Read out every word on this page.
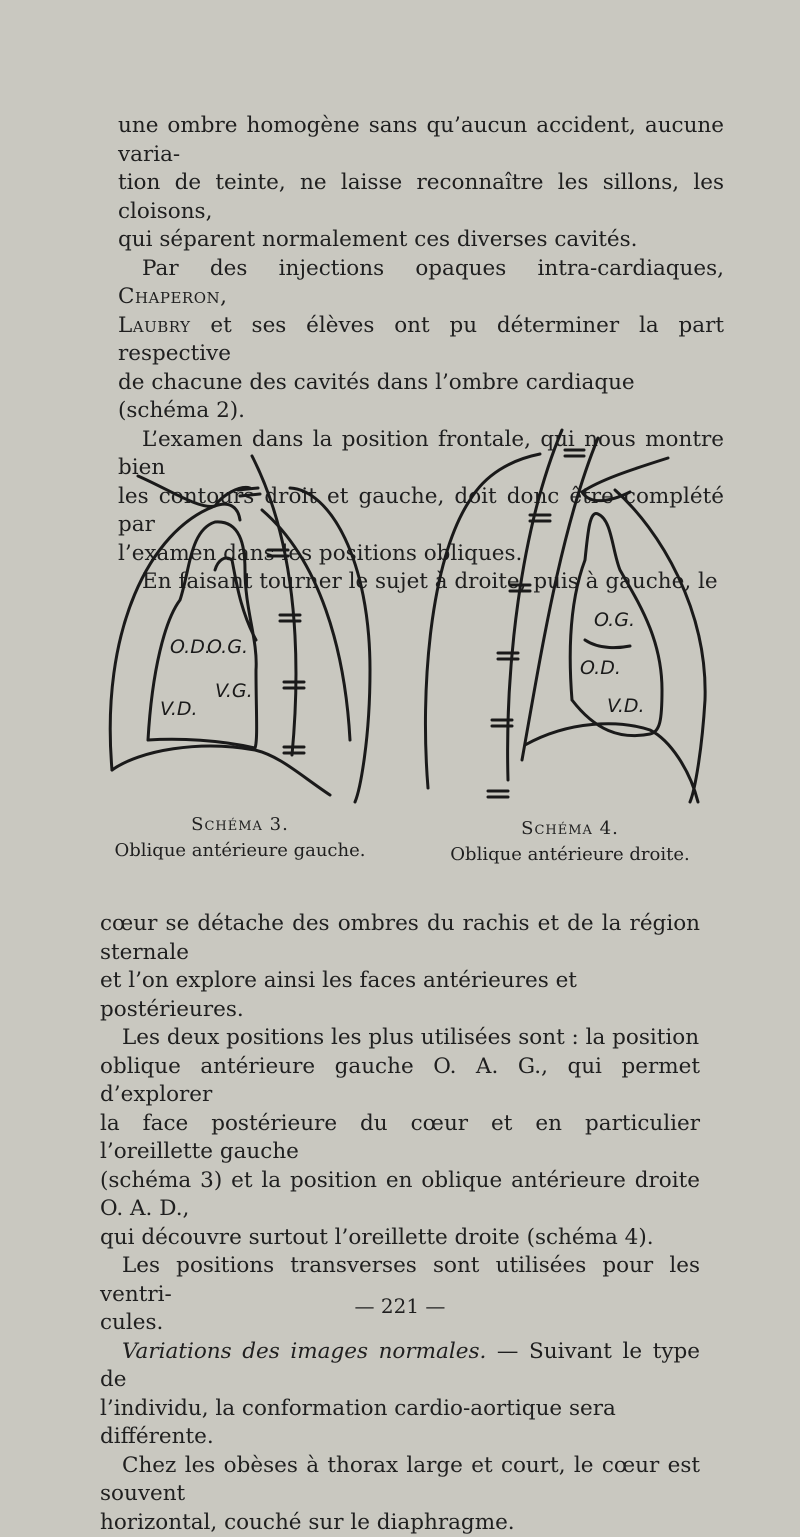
une ombre homogène sans qu’aucun accident, aucune varia-
tion de teinte, ne laisse reconnaître les sillons, les cloisons,
qui séparent normalement ces diverses cavités.
Par des injections opaques intra-cardiaques, Chaperon,
Laubry et ses élèves ont pu déterminer la part respective
de chacune des cavités dans l’ombre cardiaque (schéma 2).
L’examen dans la position frontale, qui nous montre bien
les contours droit et gauche, doit donc être complété par
l’examen dans les positions obliques.
En faisant tourner le sujet à droite, puis à gauche, le
O.D.
O.G.
V.G.
V.D.
O.G.
O.D.
V.D.
Schéma 3.
Oblique antérieure gauche.
Schéma 4.
Oblique antérieure droite.
cœur se détache des ombres du rachis et de la région sternale
et l’on explore ainsi les faces antérieures et postérieures.
Les deux positions les plus utilisées sont : la position
oblique antérieure gauche O. A. G., qui permet d’explorer
la face postérieure du cœur et en particulier l’oreillette gauche
(schéma 3) et la position en oblique antérieure droite O. A. D.,
qui découvre surtout l’oreillette droite (schéma 4).
Les positions transverses sont utilisées pour les ventri-
cules.
Variations des images normales. — Suivant le type de
l’individu, la conformation cardio-aortique sera différente.
Chez les obèses à thorax large et court, le cœur est souvent
horizontal, couché sur le diaphragme.
— 221 —
